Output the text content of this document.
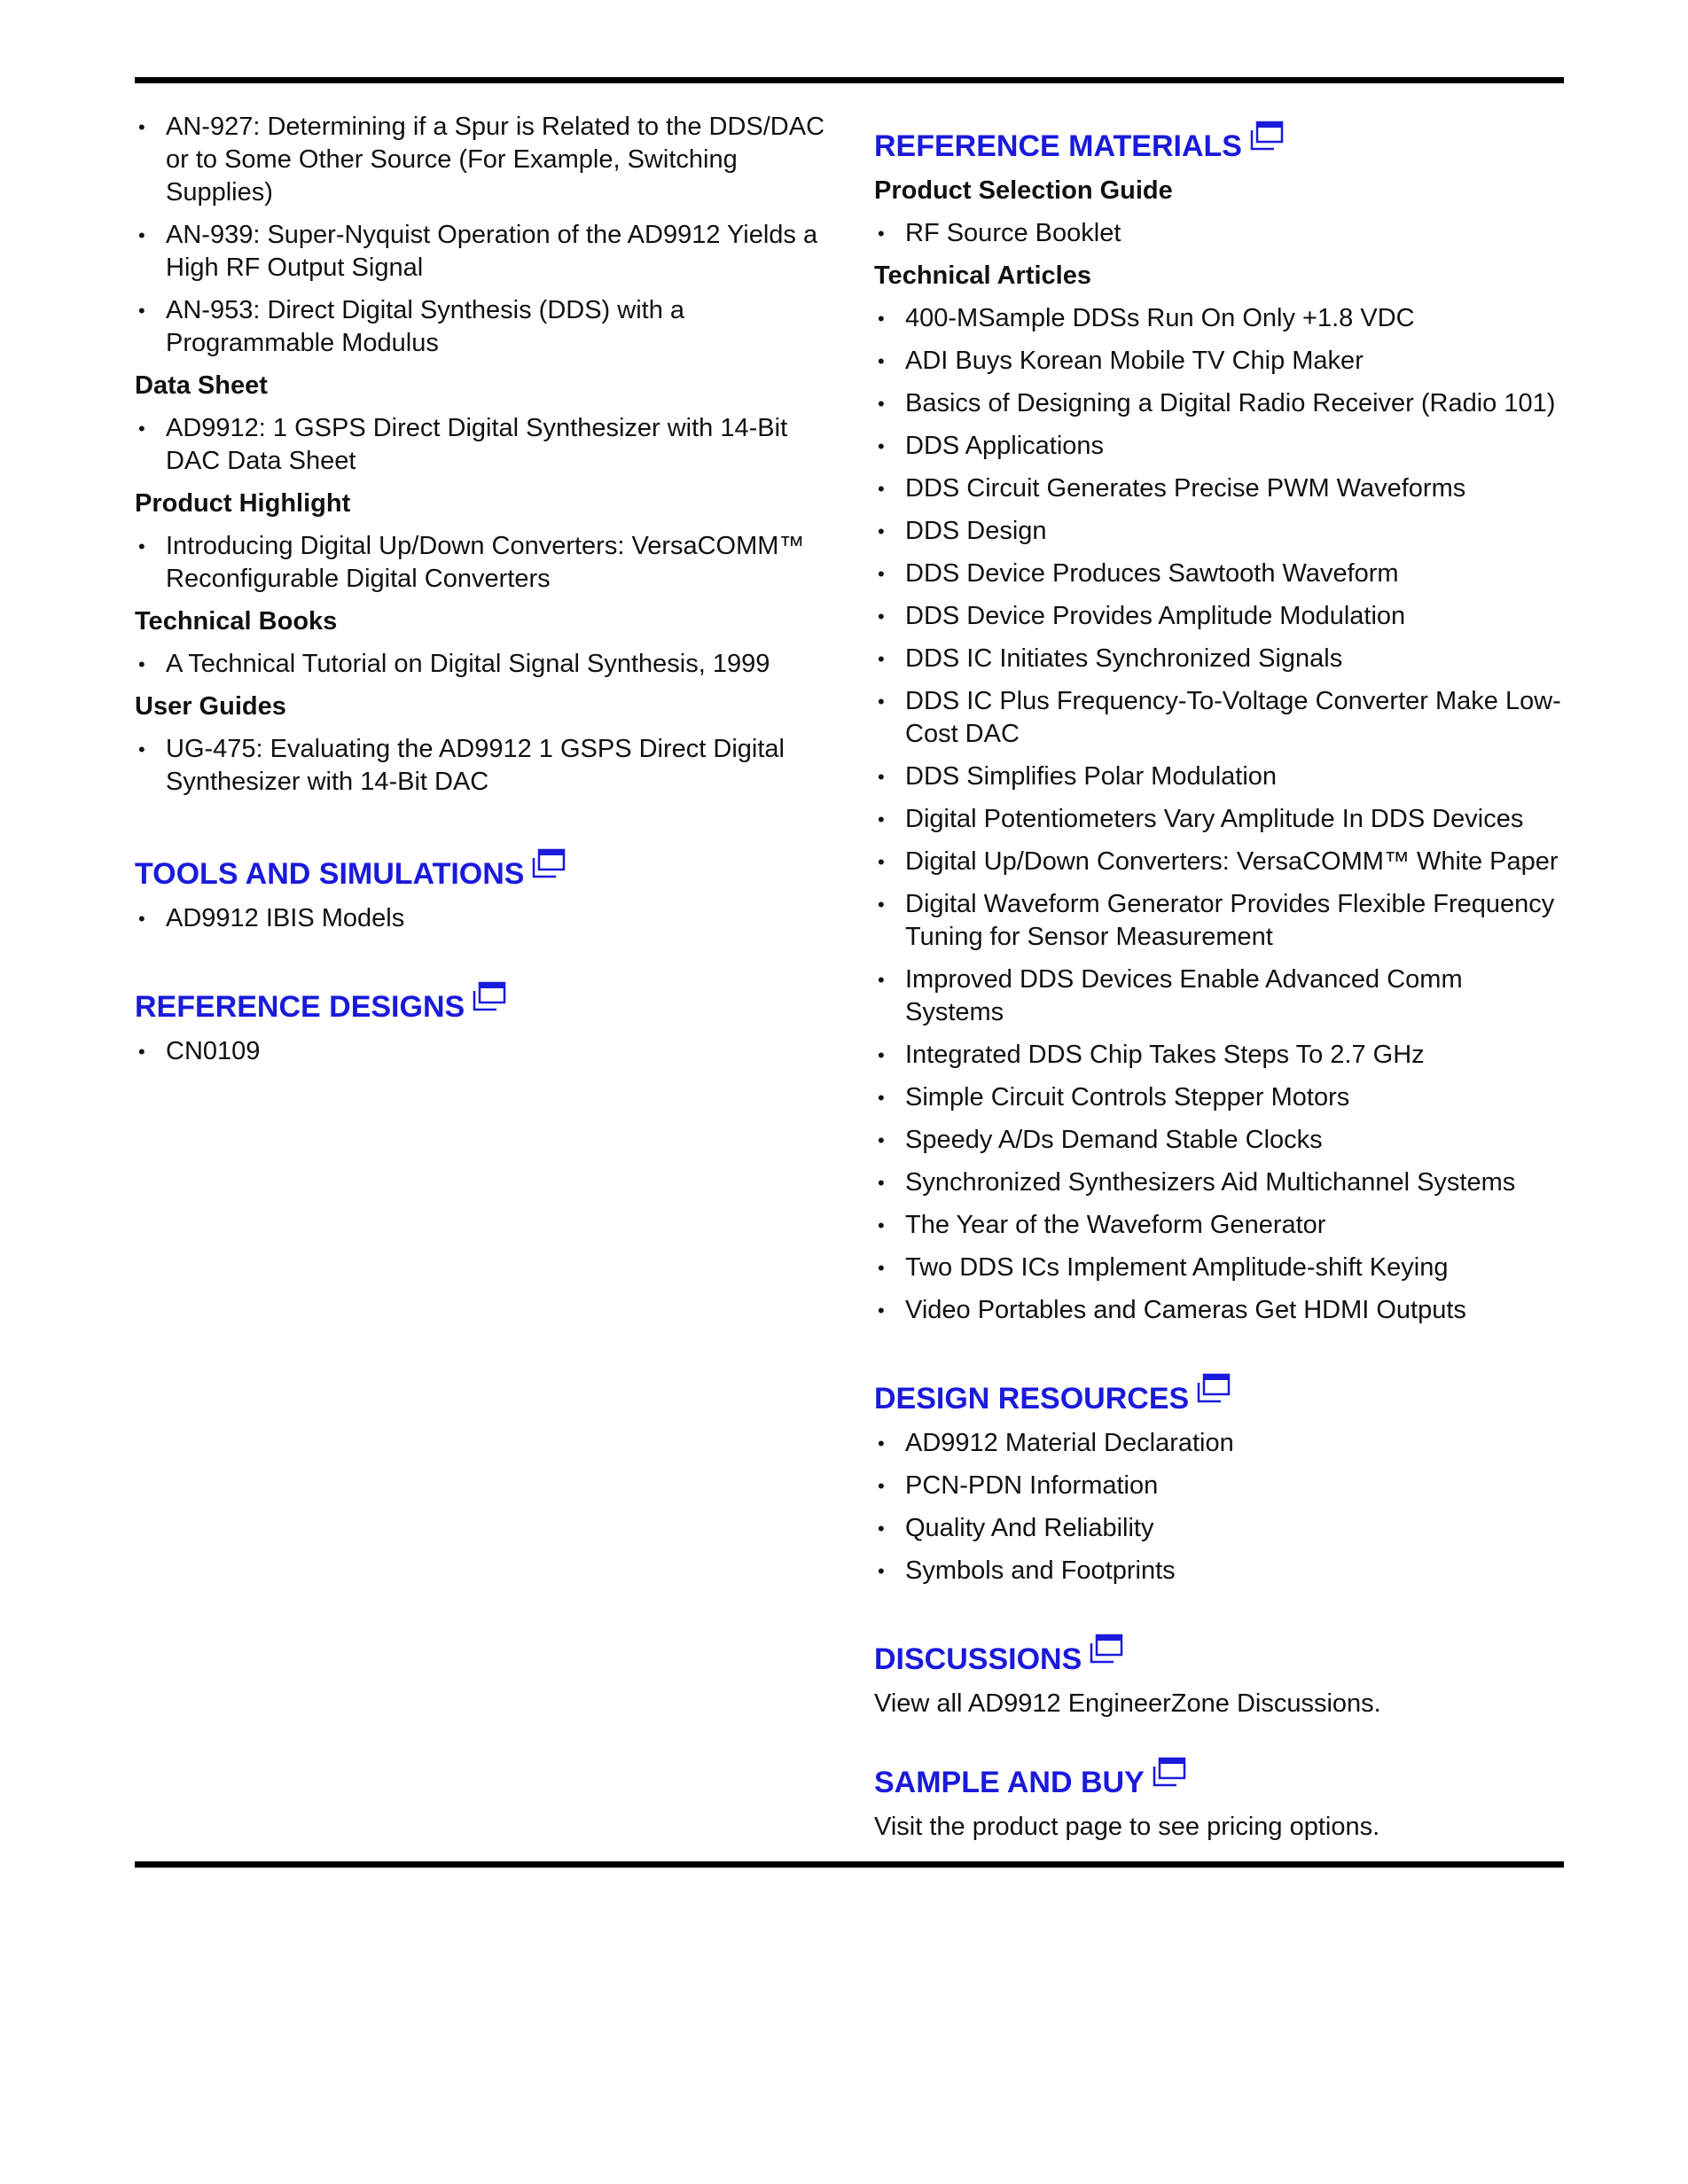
• AN-927: Determining if a Spur is Related to the DDS/DAC or to Some Other Source (For Example, Switching Supplies)
• AN-939: Super-Nyquist Operation of the AD9912 Yields a High RF Output Signal
• AN-953: Direct Digital Synthesis (DDS) with a Programmable Modulus
Data Sheet
• AD9912: 1 GSPS Direct Digital Synthesizer with 14-Bit DAC Data Sheet
Product Highlight
• Introducing Digital Up/Down Converters: VersaCOMM™ Reconfigurable Digital Converters
Technical Books
• A Technical Tutorial on Digital Signal Synthesis, 1999
User Guides
• UG-475: Evaluating the AD9912 1 GSPS Direct Digital Synthesizer with 14-Bit DAC
TOOLS AND SIMULATIONS
• AD9912 IBIS Models
REFERENCE DESIGNS
• CN0109
REFERENCE MATERIALS
Product Selection Guide
• RF Source Booklet
Technical Articles
• 400-MSample DDSs Run On Only +1.8 VDC
• ADI Buys Korean Mobile TV Chip Maker
• Basics of Designing a Digital Radio Receiver (Radio 101)
• DDS Applications
• DDS Circuit Generates Precise PWM Waveforms
• DDS Design
• DDS Device Produces Sawtooth Waveform
• DDS Device Provides Amplitude Modulation
• DDS IC Initiates Synchronized Signals
• DDS IC Plus Frequency-To-Voltage Converter Make Low-Cost DAC
• DDS Simplifies Polar Modulation
• Digital Potentiometers Vary Amplitude In DDS Devices
• Digital Up/Down Converters: VersaCOMM™ White Paper
• Digital Waveform Generator Provides Flexible Frequency Tuning for Sensor Measurement
• Improved DDS Devices Enable Advanced Comm Systems
• Integrated DDS Chip Takes Steps To 2.7 GHz
• Simple Circuit Controls Stepper Motors
• Speedy A/Ds Demand Stable Clocks
• Synchronized Synthesizers Aid Multichannel Systems
• The Year of the Waveform Generator
• Two DDS ICs Implement Amplitude-shift Keying
• Video Portables and Cameras Get HDMI Outputs
DESIGN RESOURCES
• AD9912 Material Declaration
• PCN-PDN Information
• Quality And Reliability
• Symbols and Footprints
DISCUSSIONS

View all AD9912 EngineerZone Discussions.

SAMPLE AND BUY

Visit the product page to see pricing options.
